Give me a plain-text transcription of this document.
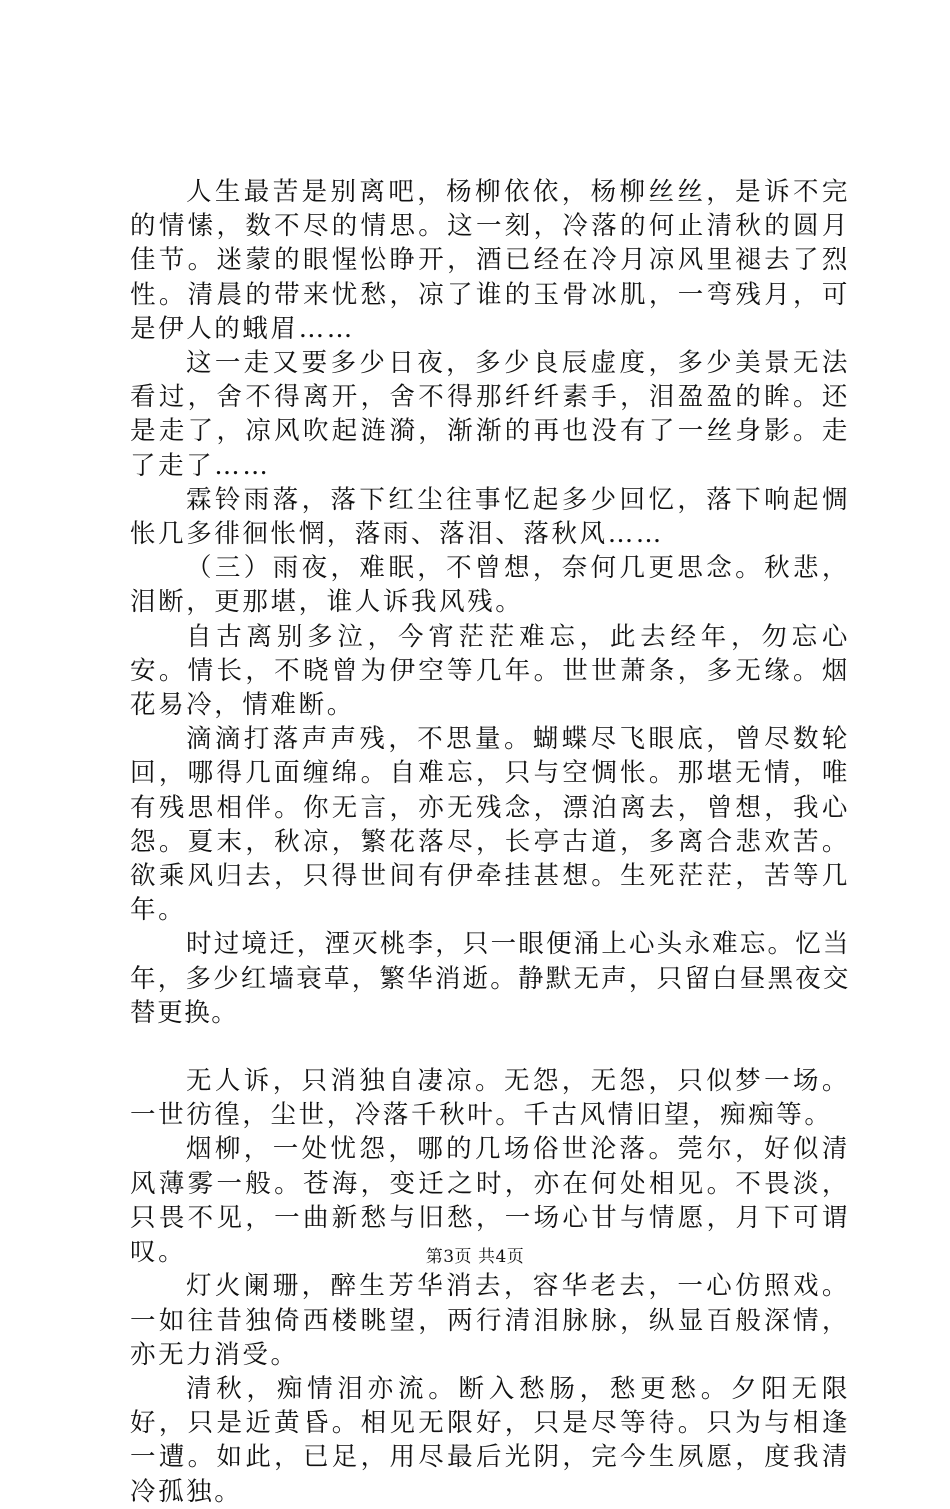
人生最苦是别离吧，杨柳依依，杨柳丝丝，是诉不完的情愫，数不尽的情思。这一刻，冷落的何止清秋的圆月佳节。迷蒙的眼惺忪睁开，酒已经在冷月凉风里褪去了烈性。清晨的带来忧愁，凉了谁的玉骨冰肌，一弯残月，可是伊人的蛾眉……

这一走又要多少日夜，多少良辰虚度，多少美景无法看过，舍不得离开，舍不得那纤纤素手，泪盈盈的眸。还是走了，凉风吹起涟漪，渐渐的再也没有了一丝身影。走了走了……

霖铃雨落，落下红尘往事忆起多少回忆，落下响起惆怅几多徘徊怅惘，落雨、落泪、落秋风……

（三）雨夜，难眠，不曾想，奈何几更思念。秋悲，泪断，更那堪，谁人诉我风残。

自古离别多泣，今宵茫茫难忘，此去经年，勿忘心安。情长，不晓曾为伊空等几年。世世萧条，多无缘。烟花易冷，情难断。

滴滴打落声声残，不思量。蝴蝶尽飞眼底，曾尽数轮回，哪得几面缠绵。自难忘，只与空惆怅。那堪无情，唯有残思相伴。你无言，亦无残念，漂泊离去，曾想，我心怨。夏末，秋凉，繁花落尽，长亭古道，多离合悲欢苦。欲乘风归去，只得世间有伊牵挂甚想。生死茫茫，苦等几年。

时过境迁，湮灭桃李，只一眼便涌上心头永难忘。忆当年，多少红墙衰草，繁华消逝。静默无声，只留白昼黑夜交替更换。

无人诉，只消独自凄凉。无怨，无怨，只似梦一场。一世彷徨，尘世，冷落千秋叶。千古风情旧望，痴痴等。

烟柳，一处忧怨，哪的几场俗世沦落。莞尔，好似清风薄雾一般。苍海，变迁之时，亦在何处相见。不畏淡，只畏不见，一曲新愁与旧愁，一场心甘与情愿，月下可谓叹。

灯火阑珊，醉生芳华消去，容华老去，一心仿照戏。一如往昔独倚西楼眺望，两行清泪脉脉，纵显百般深情，亦无力消受。

清秋，痴情泪亦流。断入愁肠，愁更愁。夕阳无限好，只是近黄昏。相见无限好，只是尽等待。只为与相逢一遭。如此，已足，用尽最后光阴，完今生夙愿，度我清冷孤独。

第3页 共4页
